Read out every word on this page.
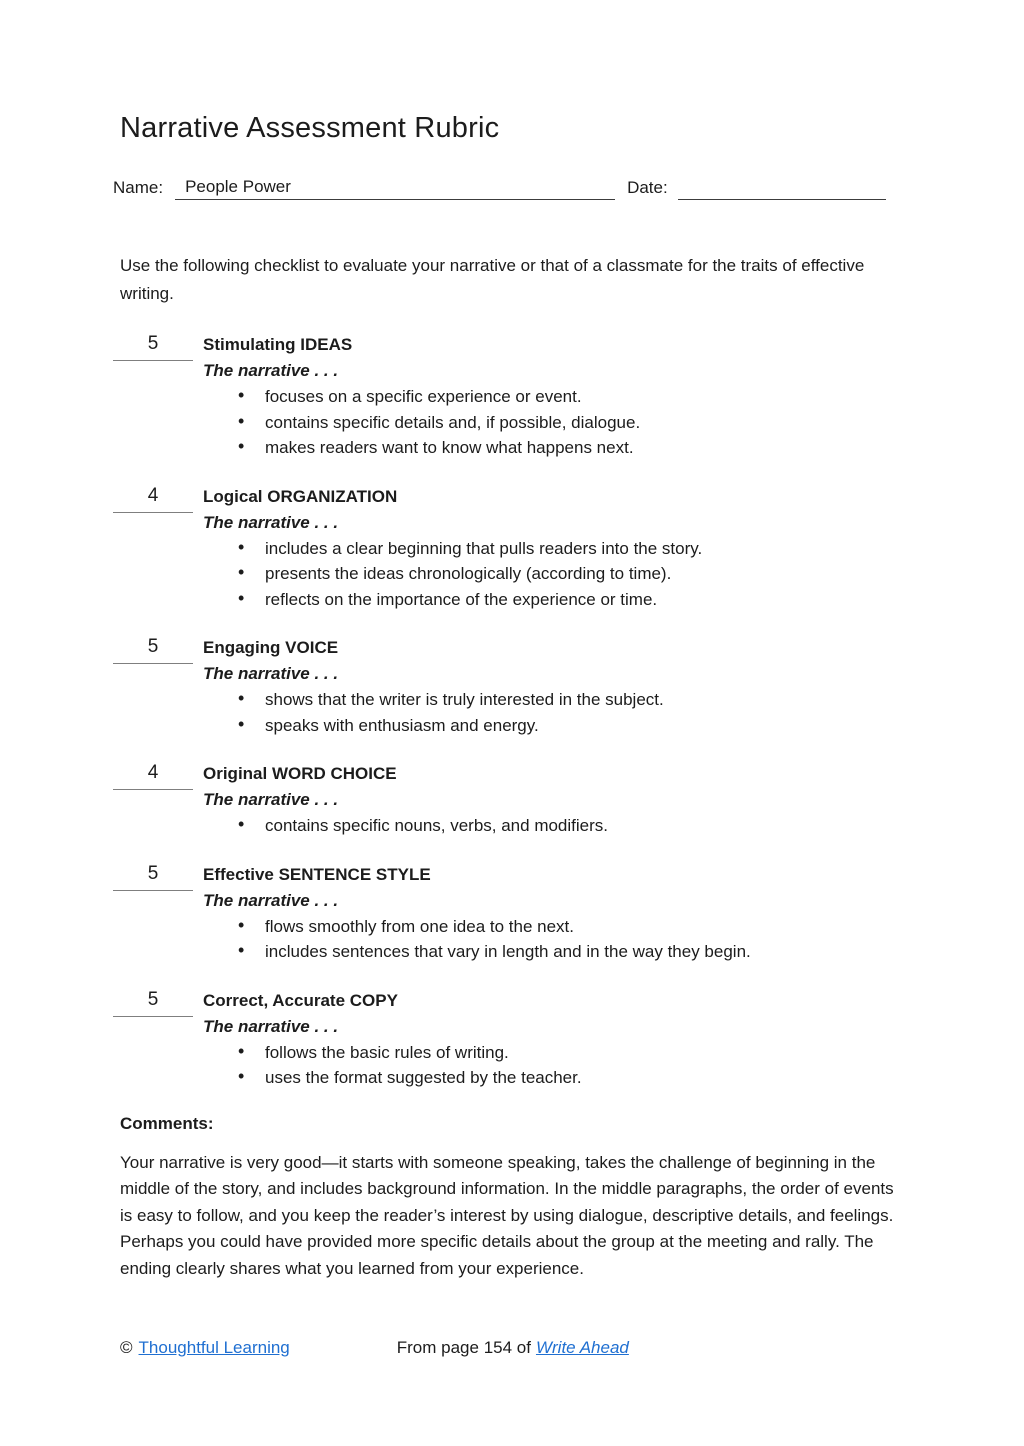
Narrative Assessment Rubric
Name:	People Power	Date:

Use the following checklist to evaluate your narrative or that of a classmate for the traits of effective writing.

5	Stimulating IDEAS
The narrative . . .
• focuses on a specific experience or event.
• contains specific details and, if possible, dialogue.
• makes readers want to know what happens next.
4	Logical ORGANIZATION
The narrative . . .
• includes a clear beginning that pulls readers into the story.
• presents the ideas chronologically (according to time).
• reflects on the importance of the experience or time.
5	Engaging VOICE
The narrative . . .
• shows that the writer is truly interested in the subject.
• speaks with enthusiasm and energy.
4	Original WORD CHOICE
The narrative . . .
• contains specific nouns, verbs, and modifiers.
5	Effective SENTENCE STYLE
The narrative . . .
• flows smoothly from one idea to the next.
• includes sentences that vary in length and in the way they begin.
5	Correct, Accurate COPY
The narrative . . .
• follows the basic rules of writing.
• uses the format suggested by the teacher.
Comments:

Your narrative is very good—it starts with someone speaking, takes the challenge of beginning in the middle of the story, and includes background information. In the middle paragraphs, the order of events is easy to follow, and you keep the reader’s interest by using dialogue, descriptive details, and feelings. Perhaps you could have provided more specific details about the group at the meeting and rally. The ending clearly shares what you learned from your experience.

© Thoughtful Learning	From page 154 of Write Ahead
